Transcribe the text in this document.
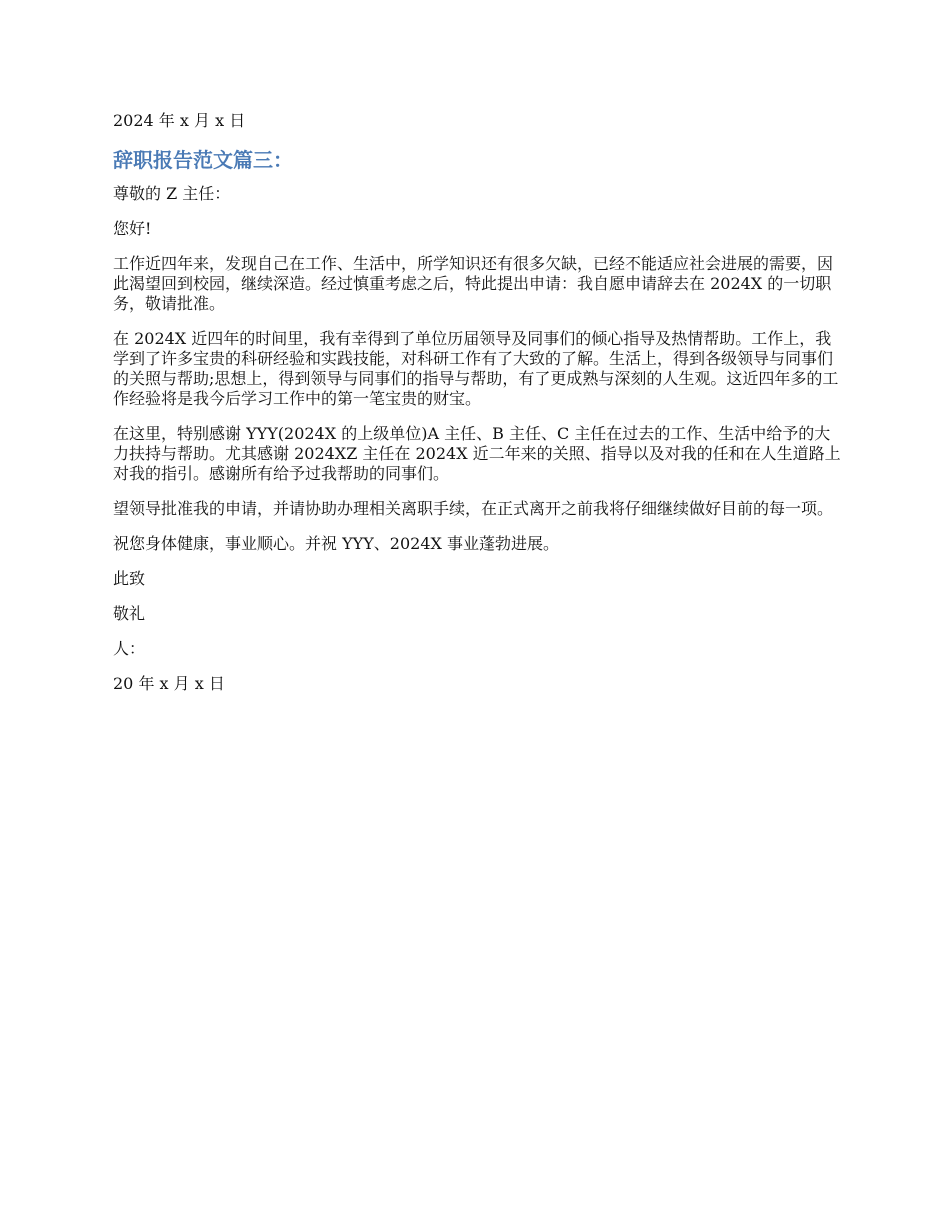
2024 年 x 月 x 日

辞职报告范文篇三：

尊敬的 Z 主任：

您好!

工作近四年来，发现自己在工作、生活中，所学知识还有很多欠缺，已经不能适应社会进展的需要，因此渴望回到校园，继续深造。经过慎重考虑之后，特此提出申请：我自愿申请辞去在 2024X 的一切职务，敬请批准。

在 2024X 近四年的时间里，我有幸得到了单位历届领导及同事们的倾心指导及热情帮助。工作上，我学到了许多宝贵的科研经验和实践技能，对科研工作有了大致的了解。生活上，得到各级领导与同事们的关照与帮助;思想上，得到领导与同事们的指导与帮助，有了更成熟与深刻的人生观。这近四年多的工作经验将是我今后学习工作中的第一笔宝贵的财宝。

在这里，特别感谢 YYY(2024X 的上级单位)A 主任、B 主任、C 主任在过去的工作、生活中给予的大力扶持与帮助。尤其感谢 2024XZ 主任在 2024X 近二年来的关照、指导以及对我的任和在人生道路上对我的指引。感谢所有给予过我帮助的同事们。

望领导批准我的申请，并请协助办理相关离职手续，在正式离开之前我将仔细继续做好目前的每一项。

祝您身体健康，事业顺心。并祝 YYY、2024X 事业蓬勃进展。

此致

敬礼

人：

20 年 x 月 x 日
